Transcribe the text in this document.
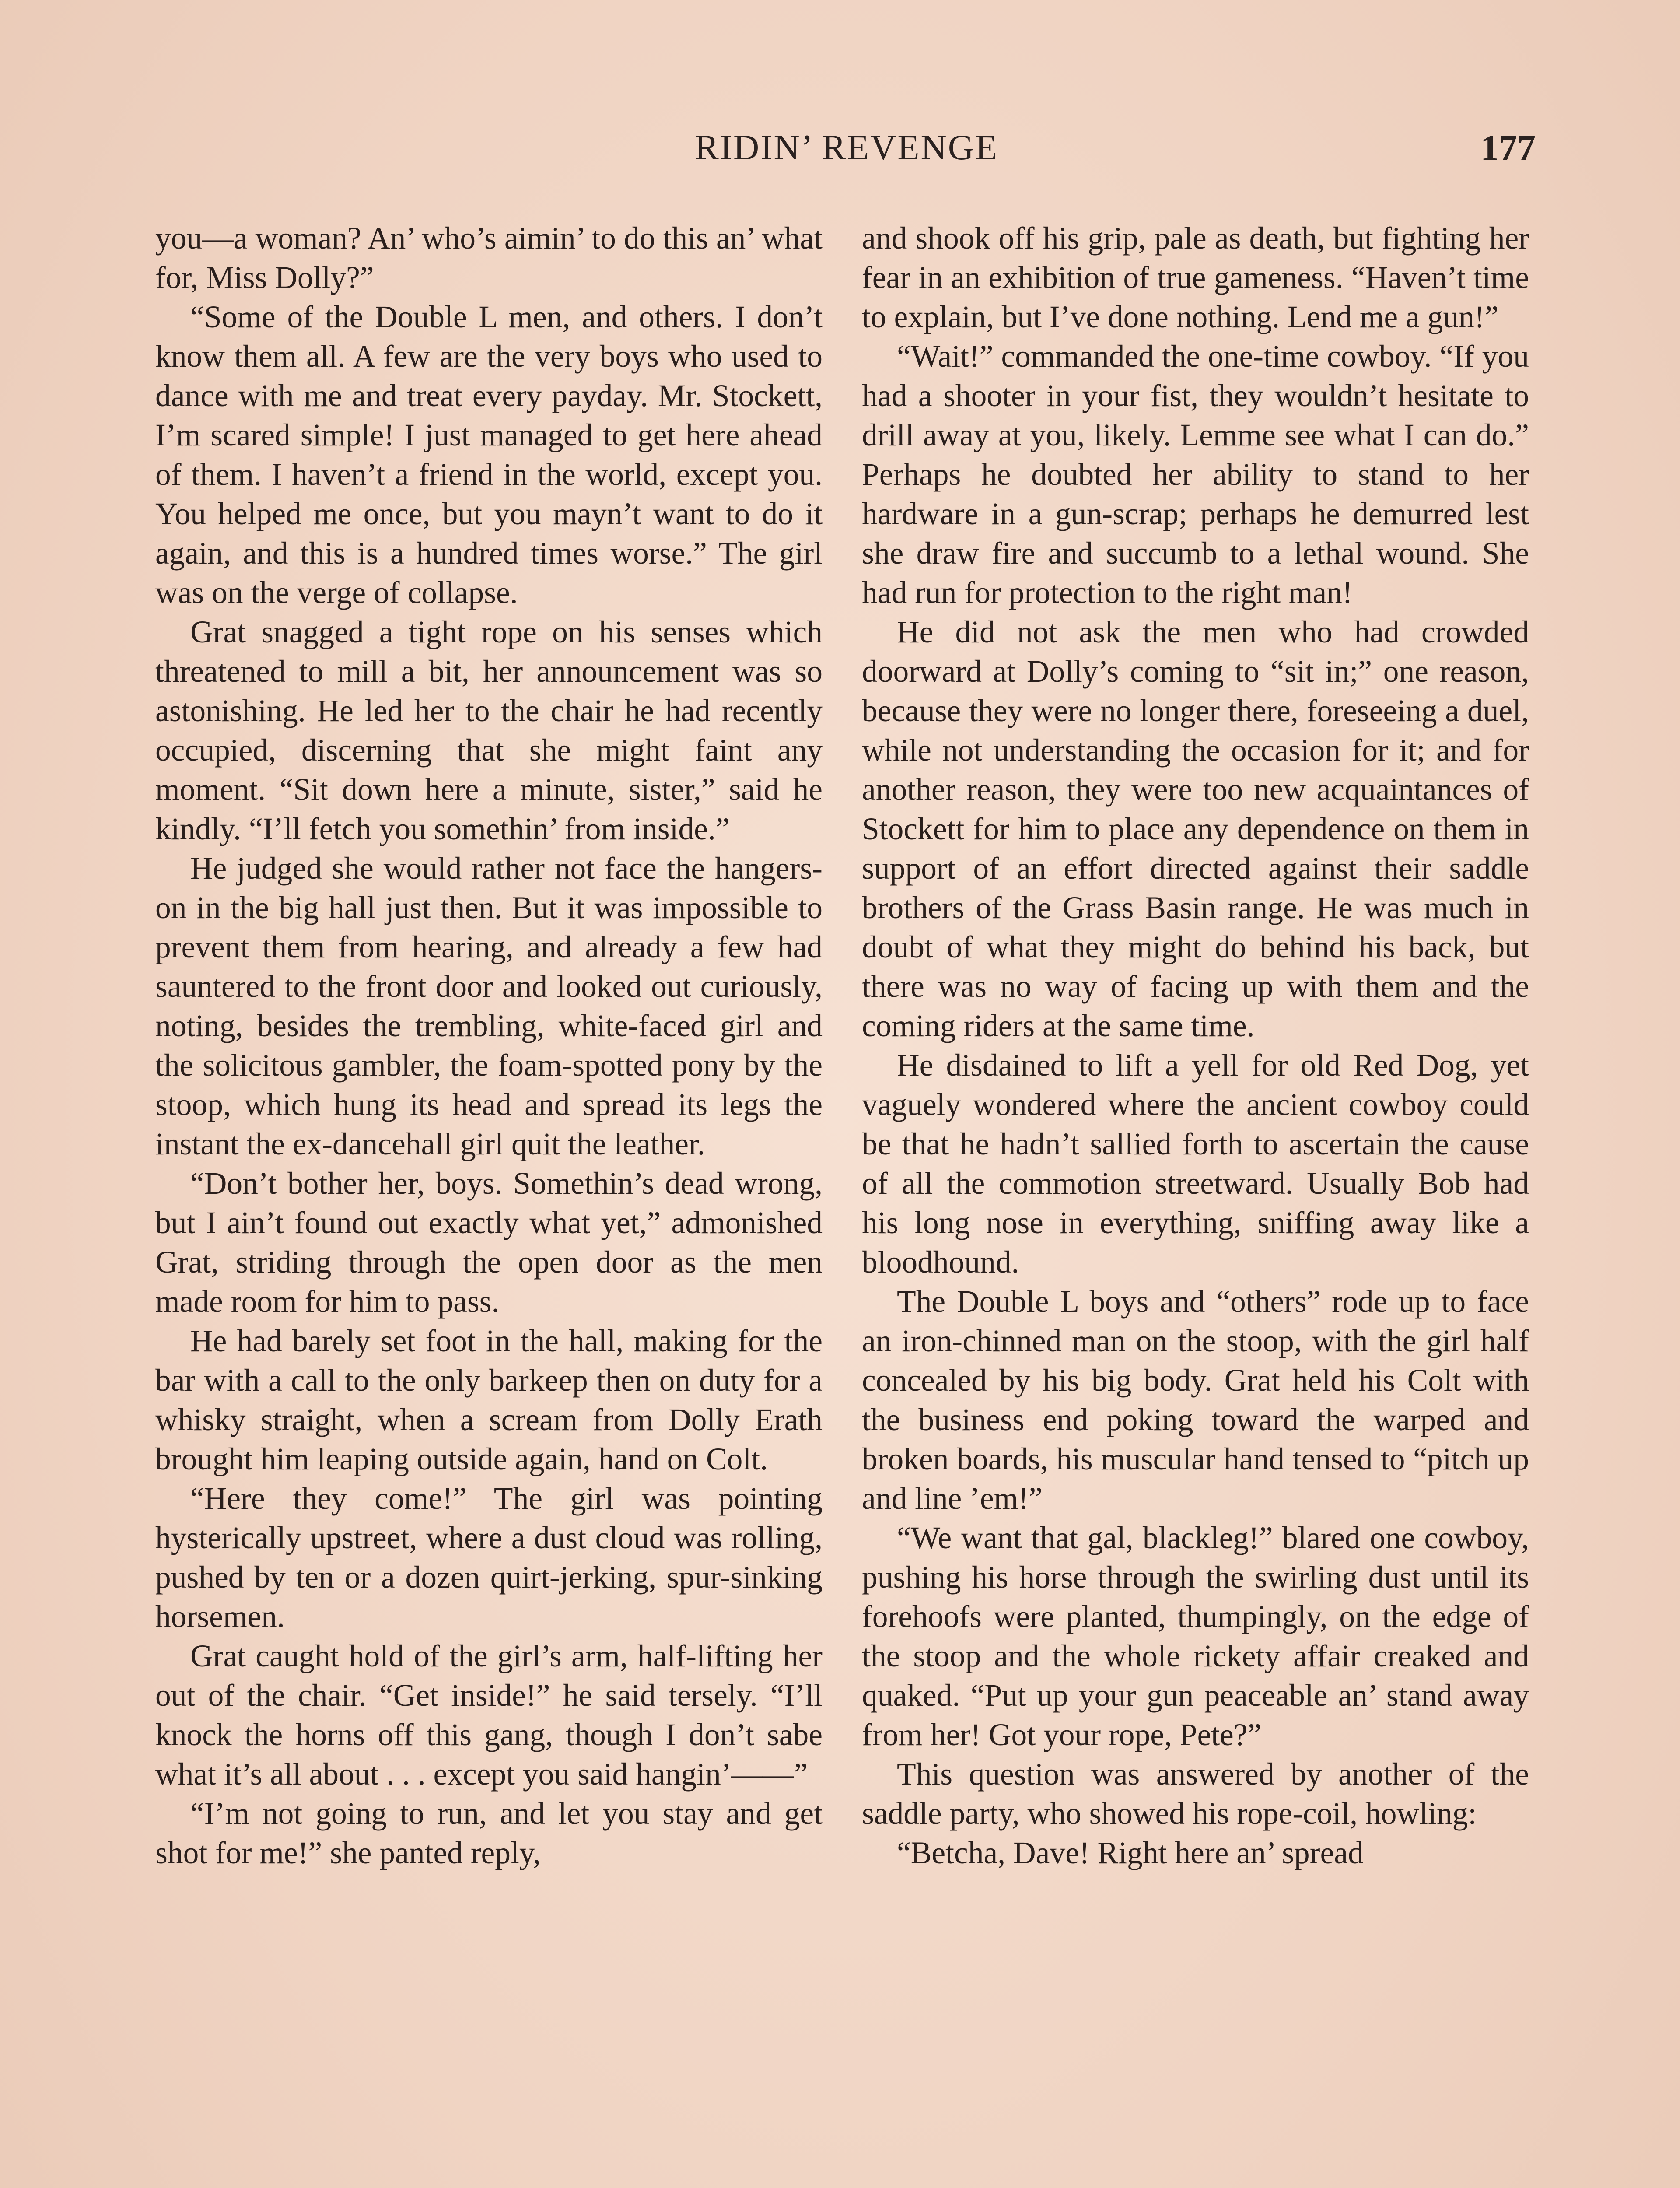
RIDIN’ REVENGE	177

you—a woman? An’ who’s aimin’ to do this an’ what for, Miss Dolly?”

“Some of the Double L men, and others. I don’t know them all. A few are the very boys who used to dance with me and treat every payday. Mr. Stockett, I’m scared simple! I just managed to get here ahead of them. I haven’t a friend in the world, except you. You helped me once, but you mayn’t want to do it again, and this is a hundred times worse.” The girl was on the verge of collapse.

Grat snagged a tight rope on his senses which threatened to mill a bit, her announcement was so astonishing. He led her to the chair he had recently occupied, discerning that she might faint any moment. “Sit down here a minute, sister,” said he kindly. “I’ll fetch you somethin’ from inside.”

He judged she would rather not face the hangers-on in the big hall just then. But it was impossible to prevent them from hearing, and already a few had sauntered to the front door and looked out curiously, noting, besides the trembling, white-faced girl and the solicitous gambler, the foam-spotted pony by the stoop, which hung its head and spread its legs the instant the ex-dancehall girl quit the leather.

“Don’t bother her, boys. Somethin’s dead wrong, but I ain’t found out exactly what yet,” admonished Grat, striding through the open door as the men made room for him to pass.

He had barely set foot in the hall, making for the bar with a call to the only barkeep then on duty for a whisky straight, when a scream from Dolly Erath brought him leaping outside again, hand on Colt.

“Here they come!” The girl was pointing hysterically upstreet, where a dust cloud was rolling, pushed by ten or a dozen quirt-jerking, spur-sinking horsemen.

Grat caught hold of the girl’s arm, half-lifting her out of the chair. “Get inside!” he said tersely. “I’ll knock the horns off this gang, though I don’t sabe what it’s all about . . . except you said hangin’——”

“I’m not going to run, and let you stay and get shot for me!” she panted reply,

and shook off his grip, pale as death, but fighting her fear in an exhibition of true gameness. “Haven’t time to explain, but I’ve done nothing. Lend me a gun!”

“Wait!” commanded the one-time cowboy. “If you had a shooter in your fist, they wouldn’t hesitate to drill away at you, likely. Lemme see what I can do.” Perhaps he doubted her ability to stand to her hardware in a gun-scrap; perhaps he demurred lest she draw fire and succumb to a lethal wound. She had run for protection to the right man!

He did not ask the men who had crowded doorward at Dolly’s coming to “sit in;” one reason, because they were no longer there, foreseeing a duel, while not understanding the occasion for it; and for another reason, they were too new acquaintances of Stockett for him to place any dependence on them in support of an effort directed against their saddle brothers of the Grass Basin range. He was much in doubt of what they might do behind his back, but there was no way of facing up with them and the coming riders at the same time.

He disdained to lift a yell for old Red Dog, yet vaguely wondered where the ancient cowboy could be that he hadn’t sallied forth to ascertain the cause of all the commotion streetward. Usually Bob had his long nose in everything, sniffing away like a bloodhound.

The Double L boys and “others” rode up to face an iron-chinned man on the stoop, with the girl half concealed by his big body. Grat held his Colt with the business end poking toward the warped and broken boards, his muscular hand tensed to “pitch up and line ’em!”

“We want that gal, blackleg!” blared one cowboy, pushing his horse through the swirling dust until its forehoofs were planted, thumpingly, on the edge of the stoop and the whole rickety affair creaked and quaked. “Put up your gun peaceable an’ stand away from her! Got your rope, Pete?”

This question was answered by another of the saddle party, who showed his rope-coil, howling:

“Betcha, Dave! Right here an’ spread
